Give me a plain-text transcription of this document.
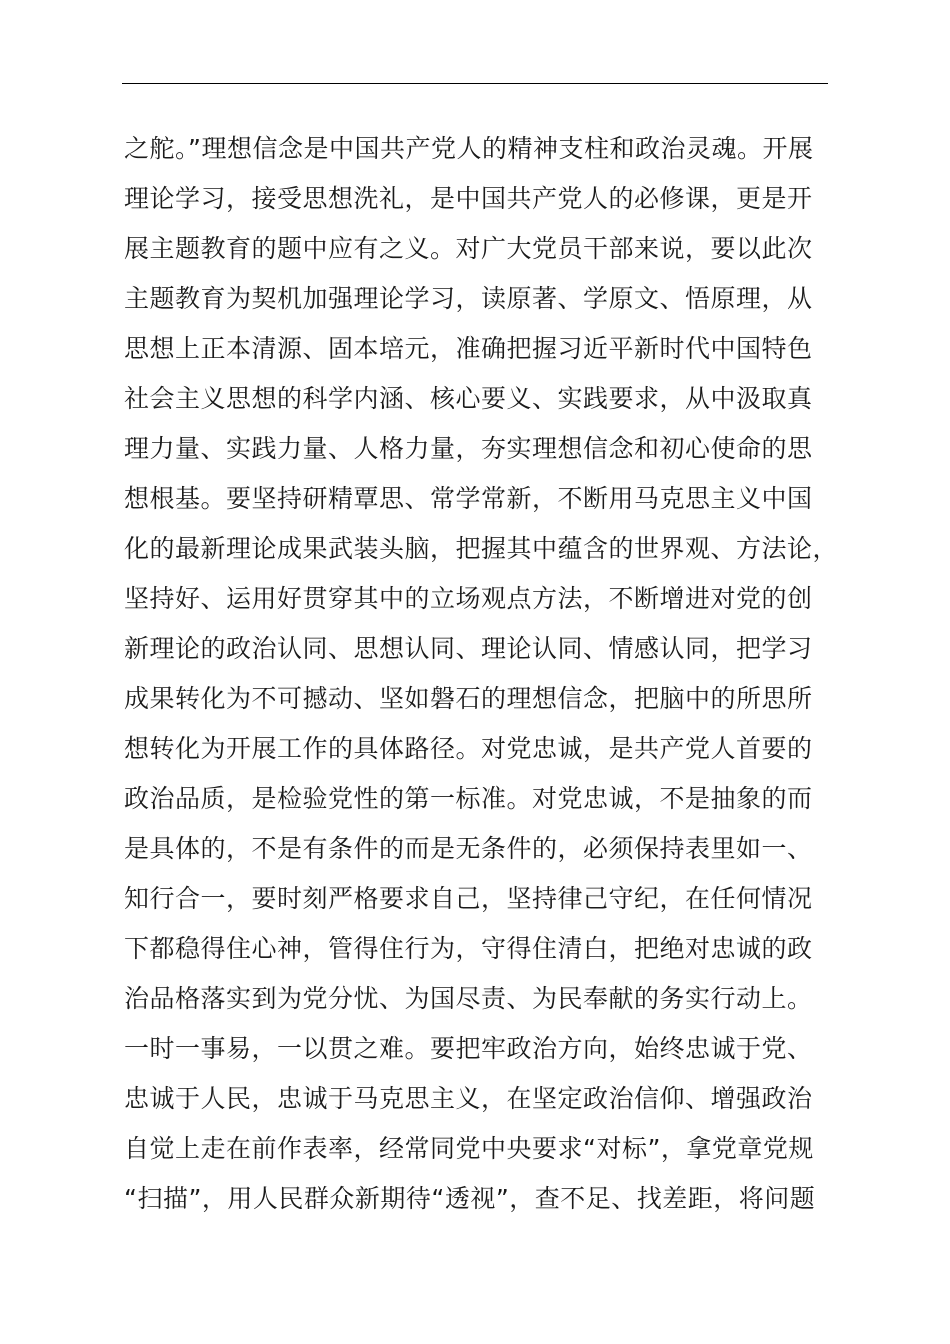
之舵。”理想信念是中国共产党人的精神支柱和政治灵魂。开展
理论学习，接受思想洗礼，是中国共产党人的必修课，更是开
展主题教育的题中应有之义。对广大党员干部来说，要以此次
主题教育为契机加强理论学习，读原著、学原文、悟原理，从
思想上正本清源、固本培元，准确把握习近平新时代中国特色
社会主义思想的科学内涵、核心要义、实践要求，从中汲取真
理力量、实践力量、人格力量，夯实理想信念和初心使命的思
想根基。要坚持研精覃思、常学常新，不断用马克思主义中国
化的最新理论成果武装头脑，把握其中蕴含的世界观、方法论，
坚持好、运用好贯穿其中的立场观点方法，不断增进对党的创
新理论的政治认同、思想认同、理论认同、情感认同，把学习
成果转化为不可撼动、坚如磐石的理想信念，把脑中的所思所
想转化为开展工作的具体路径。对党忠诚，是共产党人首要的
政治品质，是检验党性的第一标准。对党忠诚，不是抽象的而
是具体的，不是有条件的而是无条件的，必须保持表里如一、
知行合一，要时刻严格要求自己，坚持律己守纪，在任何情况
下都稳得住心神，管得住行为，守得住清白，把绝对忠诚的政
治品格落实到为党分忧、为国尽责、为民奉献的务实行动上。
一时一事易，一以贯之难。要把牢政治方向，始终忠诚于党、
忠诚于人民，忠诚于马克思主义，在坚定政治信仰、增强政治
自觉上走在前作表率，经常同党中央要求“对标”，拿党章党规
“扫描”，用人民群众新期待“透视”，查不足、找差距，将问题
